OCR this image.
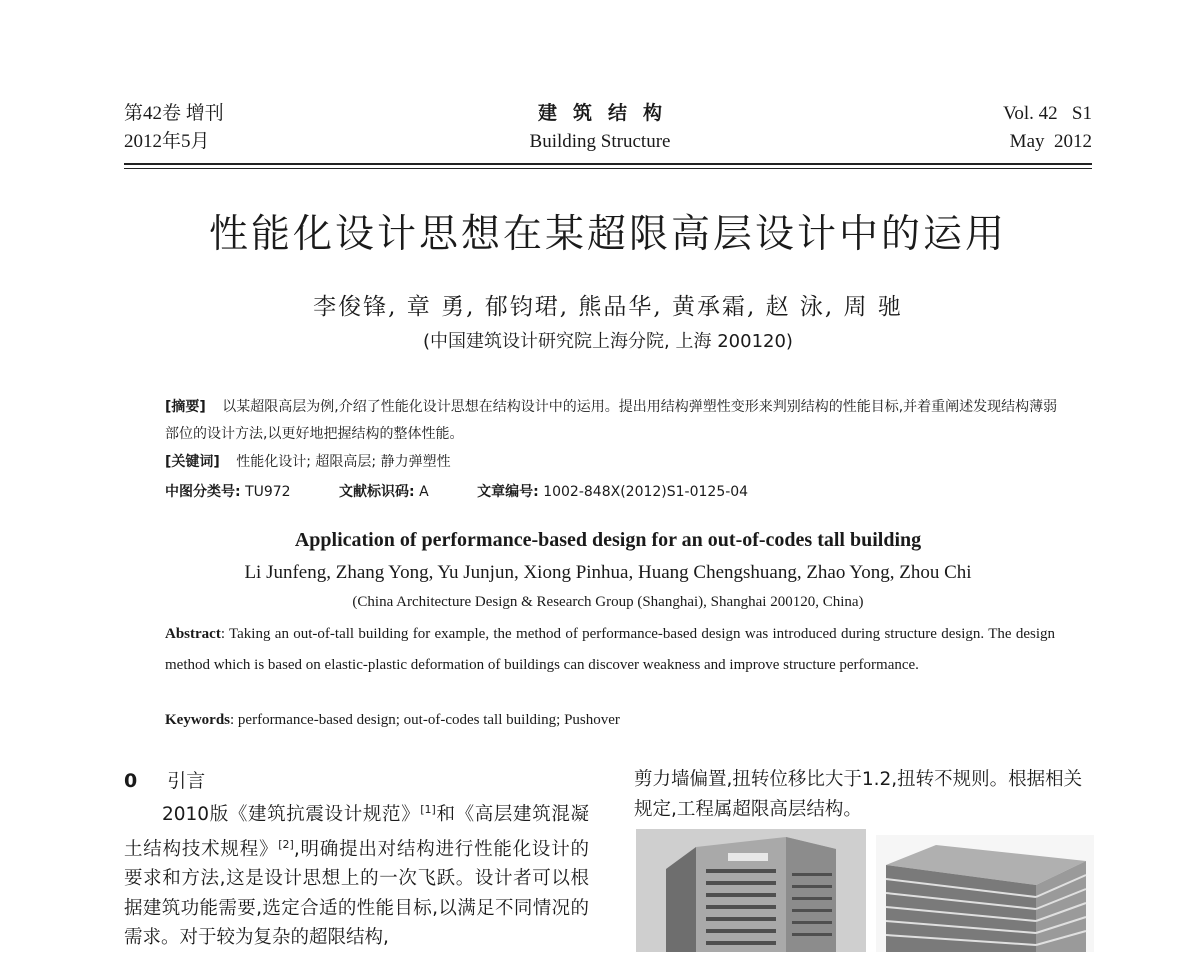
第42卷 增刊
2012年5月
建筑结构
Building Structure
Vol. 42   S1
May  2012
性能化设计思想在某超限高层设计中的运用
李俊锋, 章 勇, 郁钧珺, 熊品华, 黄承霜, 赵 泳, 周 驰
(中国建筑设计研究院上海分院, 上海 200120)
[摘要] 以某超限高层为例,介绍了性能化设计思想在结构设计中的运用。提出用结构弹塑性变形来判别结构的性能目标,并着重阐述发现结构薄弱部位的设计方法,以更好地把握结构的整体性能。
[关键词] 性能化设计; 超限高层; 静力弹塑性
中图分类号: TU972	文献标识码: A	文章编号: 1002-848X(2012)S1-0125-04
Application of performance-based design for an out-of-codes tall building
Li Junfeng, Zhang Yong, Yu Junjun, Xiong Pinhua, Huang Chengshuang, Zhao Yong, Zhou Chi
(China Architecture Design & Research Group (Shanghai), Shanghai 200120, China)
Abstract: Taking an out-of-tall building for example, the method of performance-based design was introduced during structure design. The design method which is based on elastic-plastic deformation of buildings can discover weakness and improve structure performance.
Keywords: performance-based design; out-of-codes tall building; Pushover
0 引言
2010版《建筑抗震设计规范》[1]和《高层建筑混凝土结构技术规程》[2],明确提出对结构进行性能化设计的要求和方法,这是设计思想上的一次飞跃。设计者可以根据建筑功能需要,选定合适的性能目标,以满足不同情况的需求。对于较为复杂的超限结构,
剪力墙偏置,扭转位移比大于1.2,扭转不规则。根据相关规定,工程属超限高层结构。
